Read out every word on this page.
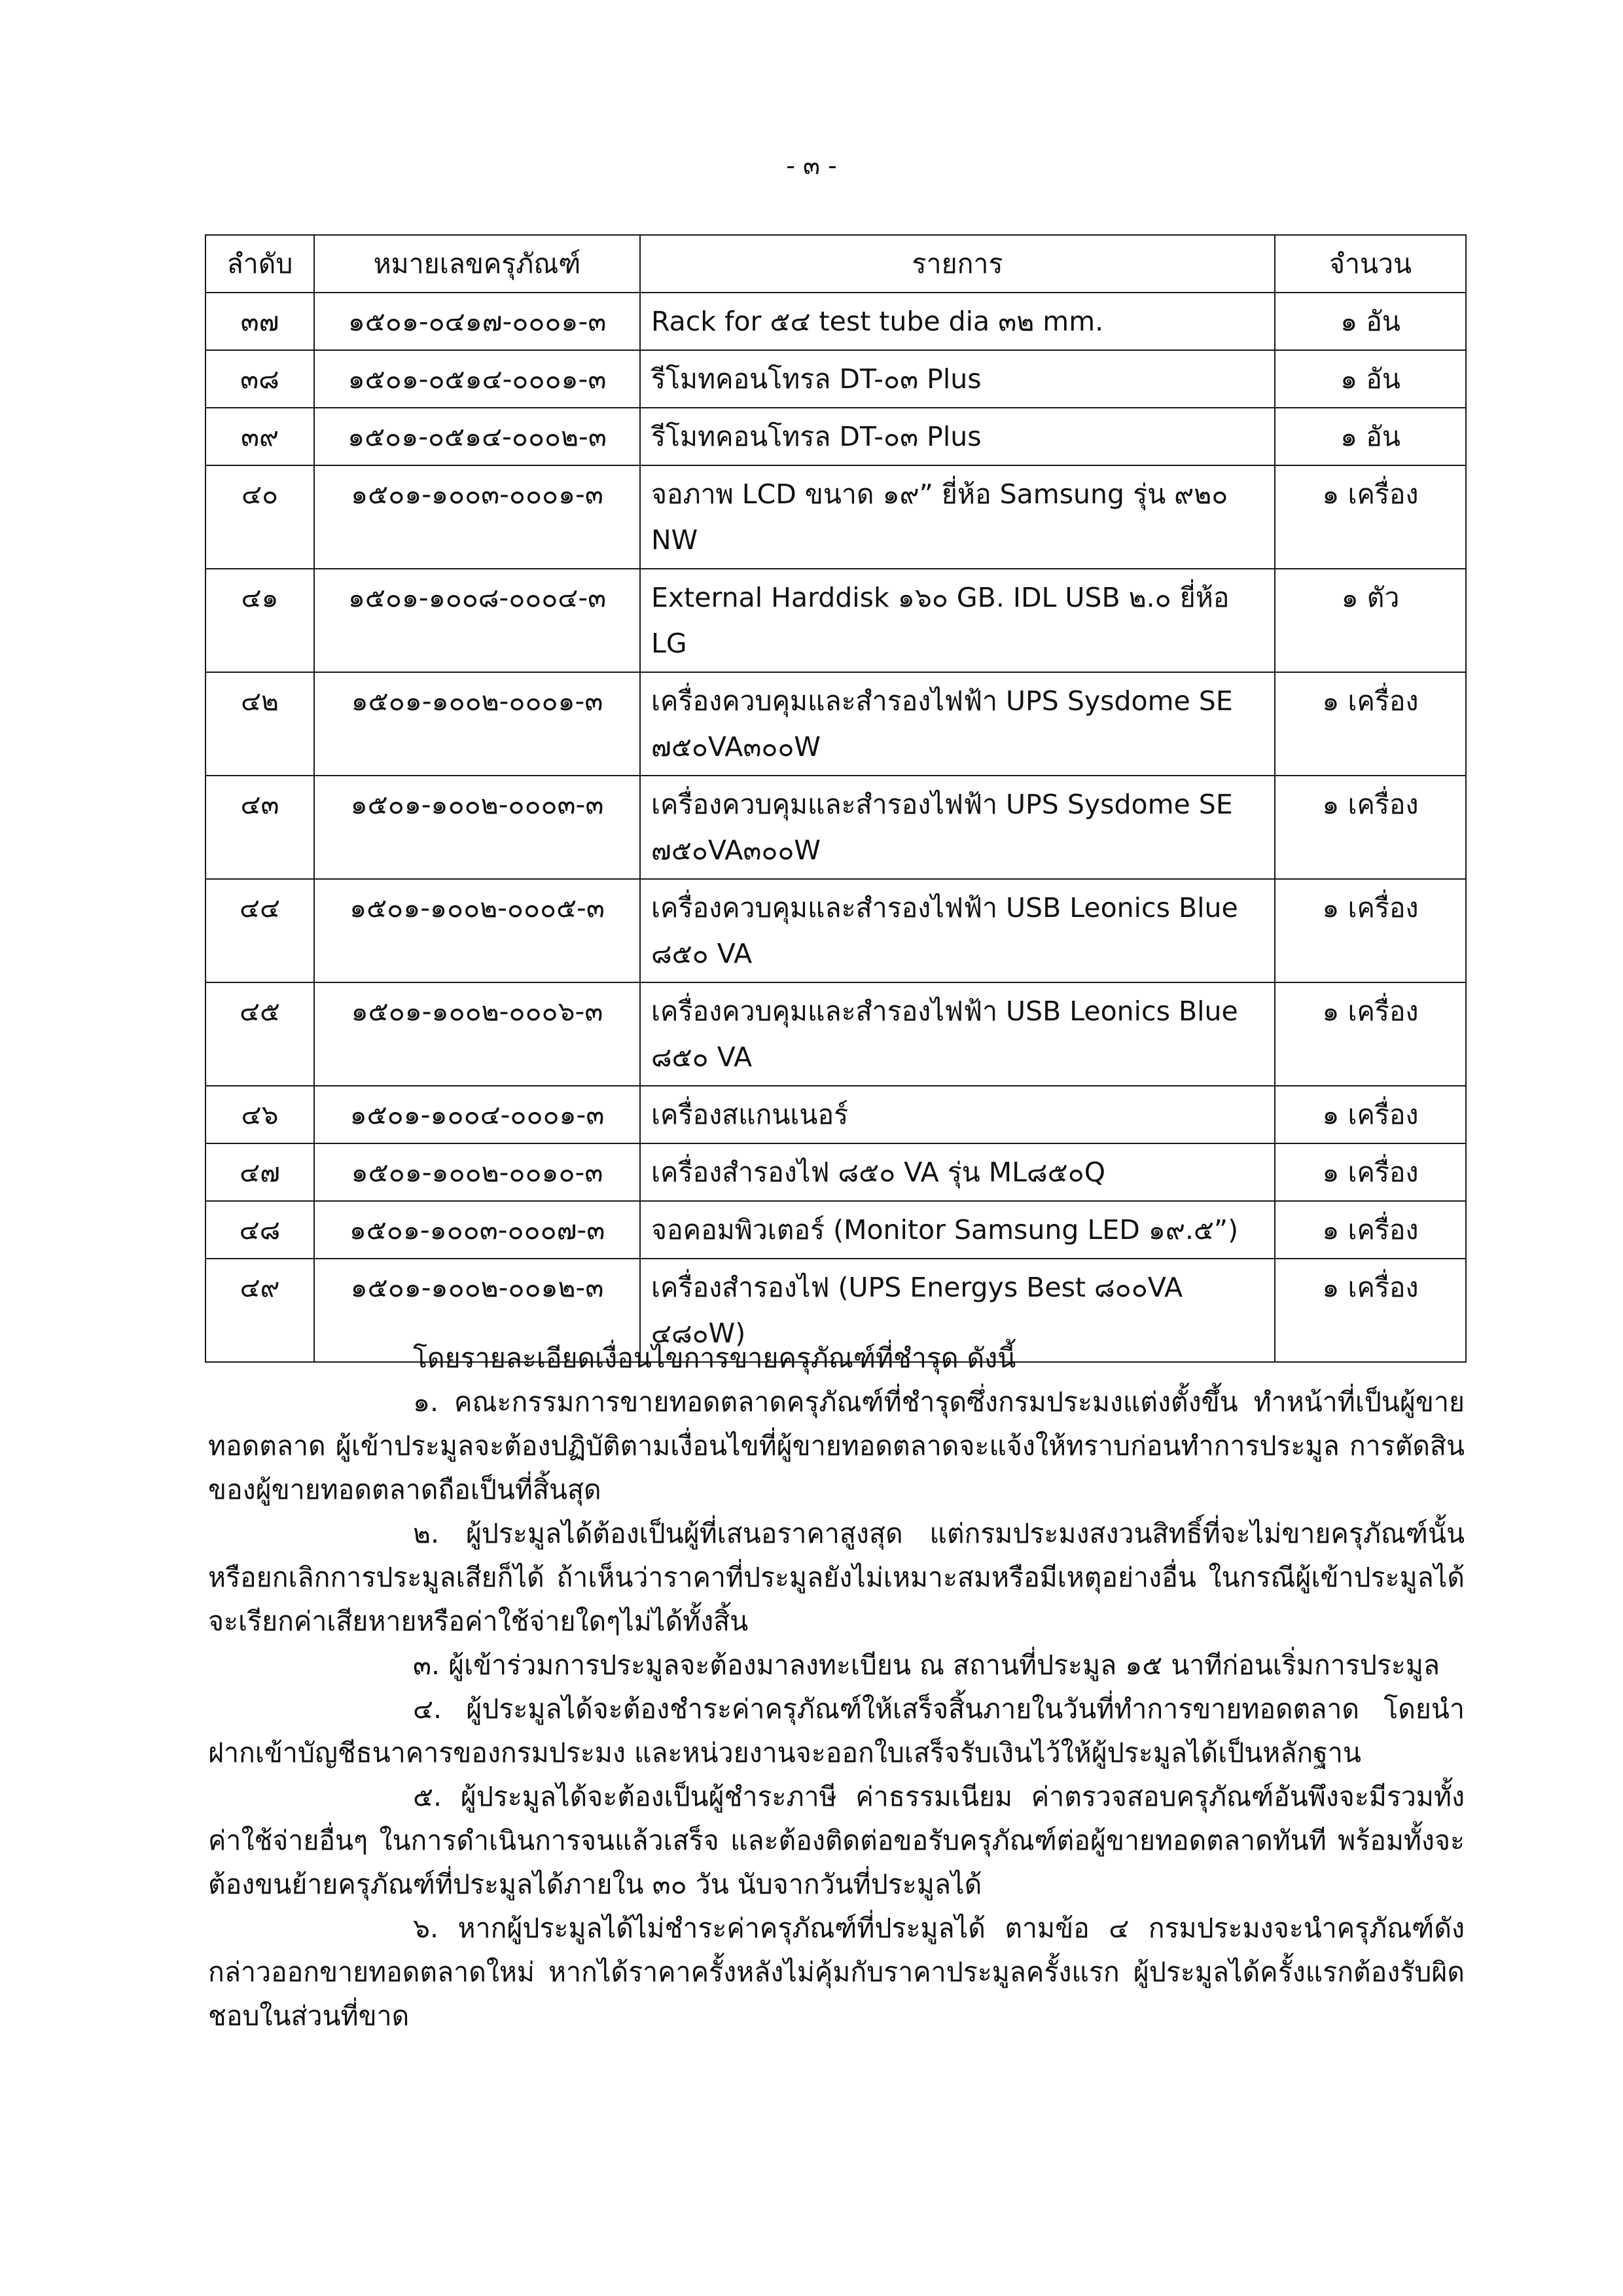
- ๓ -
ลำดับ	หมายเลขครุภัณฑ์	รายการ	จำนวน
๓๗	๑๕๐๑-๐๔๑๗-๐๐๐๑-๓	Rack for ๕๔ test tube dia ๓๒ mm.	๑ อัน
๓๘	๑๕๐๑-๐๕๑๔-๐๐๐๑-๓	รีโมทคอนโทรล DT-๐๓ Plus	๑ อัน
๓๙	๑๕๐๑-๐๕๑๔-๐๐๐๒-๓	รีโมทคอนโทรล DT-๐๓ Plus	๑ อัน
๔๐	๑๕๐๑-๑๐๐๓-๐๐๐๑-๓	จอภาพ LCD ขนาด ๑๙” ยี่ห้อ Samsung รุ่น ๙๒๐ NW	๑ เครื่อง
๔๑	๑๕๐๑-๑๐๐๘-๐๐๐๔-๓	External Harddisk ๑๖๐ GB. IDL USB ๒.๐ ยี่ห้อ LG	๑ ตัว
๔๒	๑๕๐๑-๑๐๐๒-๐๐๐๑-๓	เครื่องควบคุมและสำรองไฟฟ้า UPS Sysdome SE ๗๕๐VA๓๐๐W	๑ เครื่อง
๔๓	๑๕๐๑-๑๐๐๒-๐๐๐๓-๓	เครื่องควบคุมและสำรองไฟฟ้า UPS Sysdome SE ๗๕๐VA๓๐๐W	๑ เครื่อง
๔๔	๑๕๐๑-๑๐๐๒-๐๐๐๕-๓	เครื่องควบคุมและสำรองไฟฟ้า USB Leonics Blue ๘๕๐ VA	๑ เครื่อง
๔๕	๑๕๐๑-๑๐๐๒-๐๐๐๖-๓	เครื่องควบคุมและสำรองไฟฟ้า USB Leonics Blue ๘๕๐ VA	๑ เครื่อง
๔๖	๑๕๐๑-๑๐๐๔-๐๐๐๑-๓	เครื่องสแกนเนอร์	๑ เครื่อง
๔๗	๑๕๐๑-๑๐๐๒-๐๐๑๐-๓	เครื่องสำรองไฟ ๘๕๐ VA รุ่น ML๘๕๐Q	๑ เครื่อง
๔๘	๑๕๐๑-๑๐๐๓-๐๐๐๗-๓	จอคอมพิวเตอร์ (Monitor Samsung LED ๑๙.๕”)	๑ เครื่อง
๔๙	๑๕๐๑-๑๐๐๒-๐๐๑๒-๓	เครื่องสำรองไฟ (UPS Energys Best ๘๐๐VA ๔๘๐W)	๑ เครื่อง

โดยรายละเอียดเงื่อนไขการขายครุภัณฑ์ที่ชำรุด ดังนี้

๑. คณะกรรมการขายทอดตลาดครุภัณฑ์ที่ชำรุดซึ่งกรมประมงแต่งตั้งขึ้น ทำหน้าที่เป็นผู้ขายทอดตลาด ผู้เข้าประมูลจะต้องปฏิบัติตามเงื่อนไขที่ผู้ขายทอดตลาดจะแจ้งให้ทราบก่อนทำการประมูล การตัดสินของผู้ขายทอดตลาดถือเป็นที่สิ้นสุด

๒. ผู้ประมูลได้ต้องเป็นผู้ที่เสนอราคาสูงสุด แต่กรมประมงสงวนสิทธิ์ที่จะไม่ขายครุภัณฑ์นั้นหรือยกเลิกการประมูลเสียก็ได้ ถ้าเห็นว่าราคาที่ประมูลยังไม่เหมาะสมหรือมีเหตุอย่างอื่น ในกรณีผู้เข้าประมูลได้จะเรียกค่าเสียหายหรือค่าใช้จ่ายใดๆไม่ได้ทั้งสิ้น

๓. ผู้เข้าร่วมการประมูลจะต้องมาลงทะเบียน ณ สถานที่ประมูล ๑๕ นาทีก่อนเริ่มการประมูล

๔. ผู้ประมูลได้จะต้องชำระค่าครุภัณฑ์ให้เสร็จสิ้นภายในวันที่ทำการขายทอดตลาด โดยนำฝากเข้าบัญชีธนาคารของกรมประมง และหน่วยงานจะออกใบเสร็จรับเงินไว้ให้ผู้ประมูลได้เป็นหลักฐาน

๕. ผู้ประมูลได้จะต้องเป็นผู้ชำระภาษี ค่าธรรมเนียม ค่าตรวจสอบครุภัณฑ์อันพึงจะมีรวมทั้งค่าใช้จ่ายอื่นๆ ในการดำเนินการจนแล้วเสร็จ และต้องติดต่อขอรับครุภัณฑ์ต่อผู้ขายทอดตลาดทันที พร้อมทั้งจะต้องขนย้ายครุภัณฑ์ที่ประมูลได้ภายใน ๓๐ วัน นับจากวันที่ประมูลได้

๖. หากผู้ประมูลได้ไม่ชำระค่าครุภัณฑ์ที่ประมูลได้ ตามข้อ ๔ กรมประมงจะนำครุภัณฑ์ดังกล่าวออกขายทอดตลาดใหม่ หากได้ราคาครั้งหลังไม่คุ้มกับราคาประมูลครั้งแรก ผู้ประมูลได้ครั้งแรกต้องรับผิดชอบในส่วนที่ขาด
